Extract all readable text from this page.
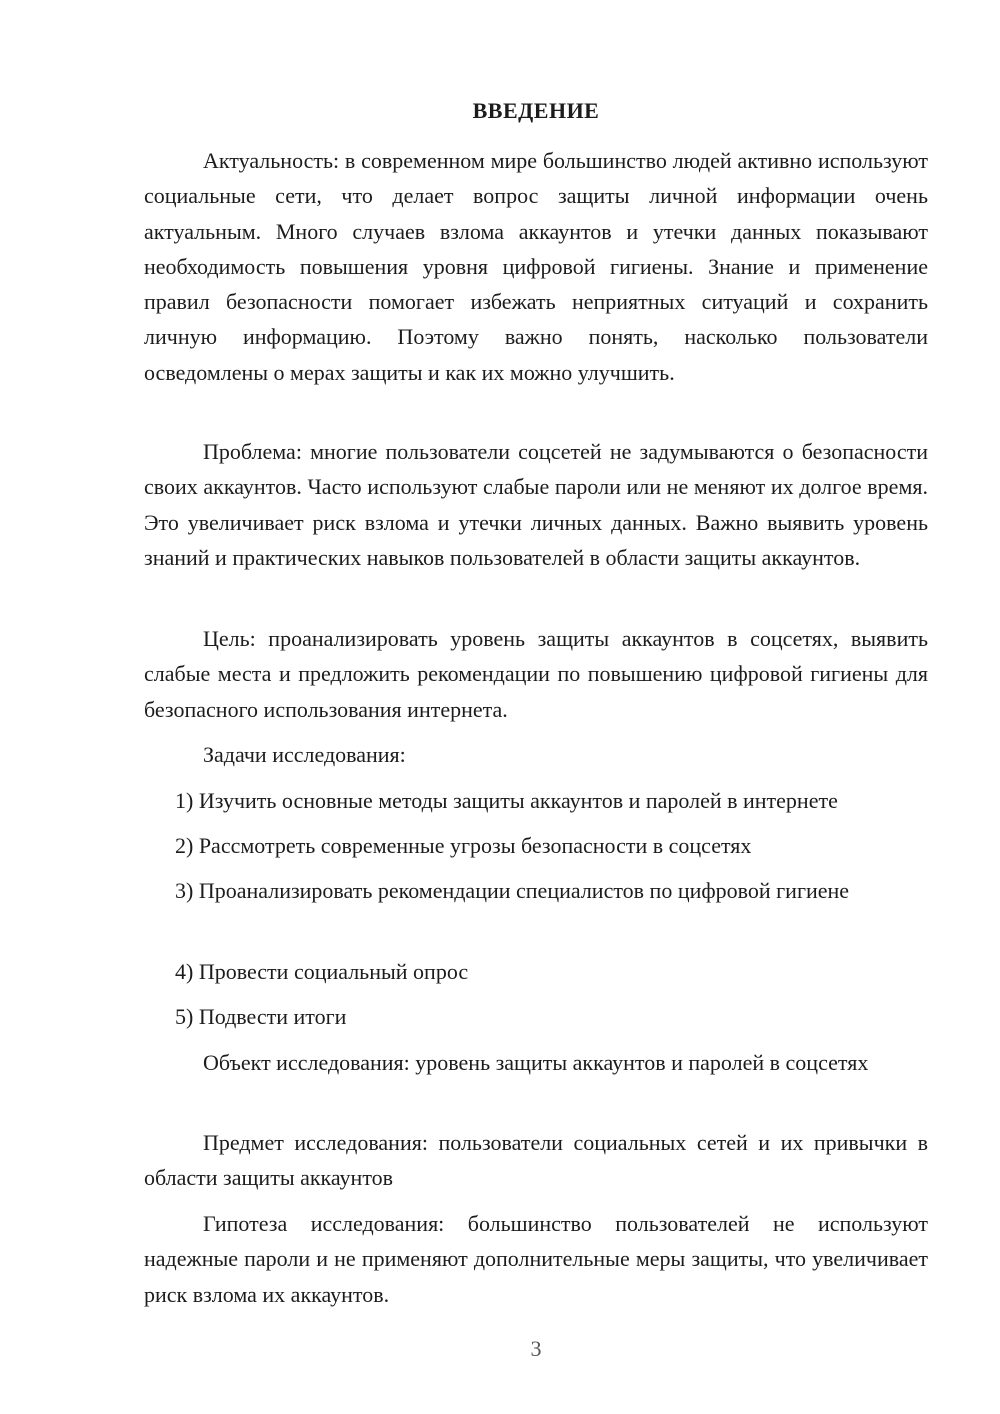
ВВЕДЕНИЕ

Актуальность: в современном мире большинство людей активно используют социальные сети, что делает вопрос защиты личной информации очень актуальным. Много случаев взлома аккаунтов и утечки данных показывают необходимость повышения уровня цифровой гигиены. Знание и применение правил безопасности помогает избежать неприятных ситуаций и сохранить личную информацию. Поэтому важно понять, насколько пользователи осведомлены о мерах защиты и как их можно улучшить.

Проблема: многие пользователи соцсетей не задумываются о безопасности своих аккаунтов. Часто используют слабые пароли или не меняют их долгое время. Это увеличивает риск взлома и утечки личных данных. Важно выявить уровень знаний и практических навыков пользователей в области защиты аккаунтов.

Цель: проанализировать уровень защиты аккаунтов в соцсетях, выявить слабые места и предложить рекомендации по повышению цифровой гигиены для безопасного использования интернета.

Задачи исследования:

1) Изучить основные методы защиты аккаунтов и паролей в интернете

2) Рассмотреть современные угрозы безопасности в соцсетях

3) Проанализировать рекомендации специалистов по цифровой гигиене

4) Провести социальный опрос

5) Подвести итоги

Объект исследования: уровень защиты аккаунтов и паролей в соцсетях

Предмет исследования: пользователи социальных сетей и их привычки в области защиты аккаунтов

Гипотеза исследования: большинство пользователей не используют надежные пароли и не применяют дополнительные меры защиты, что увеличивает риск взлома их аккаунтов.

3
